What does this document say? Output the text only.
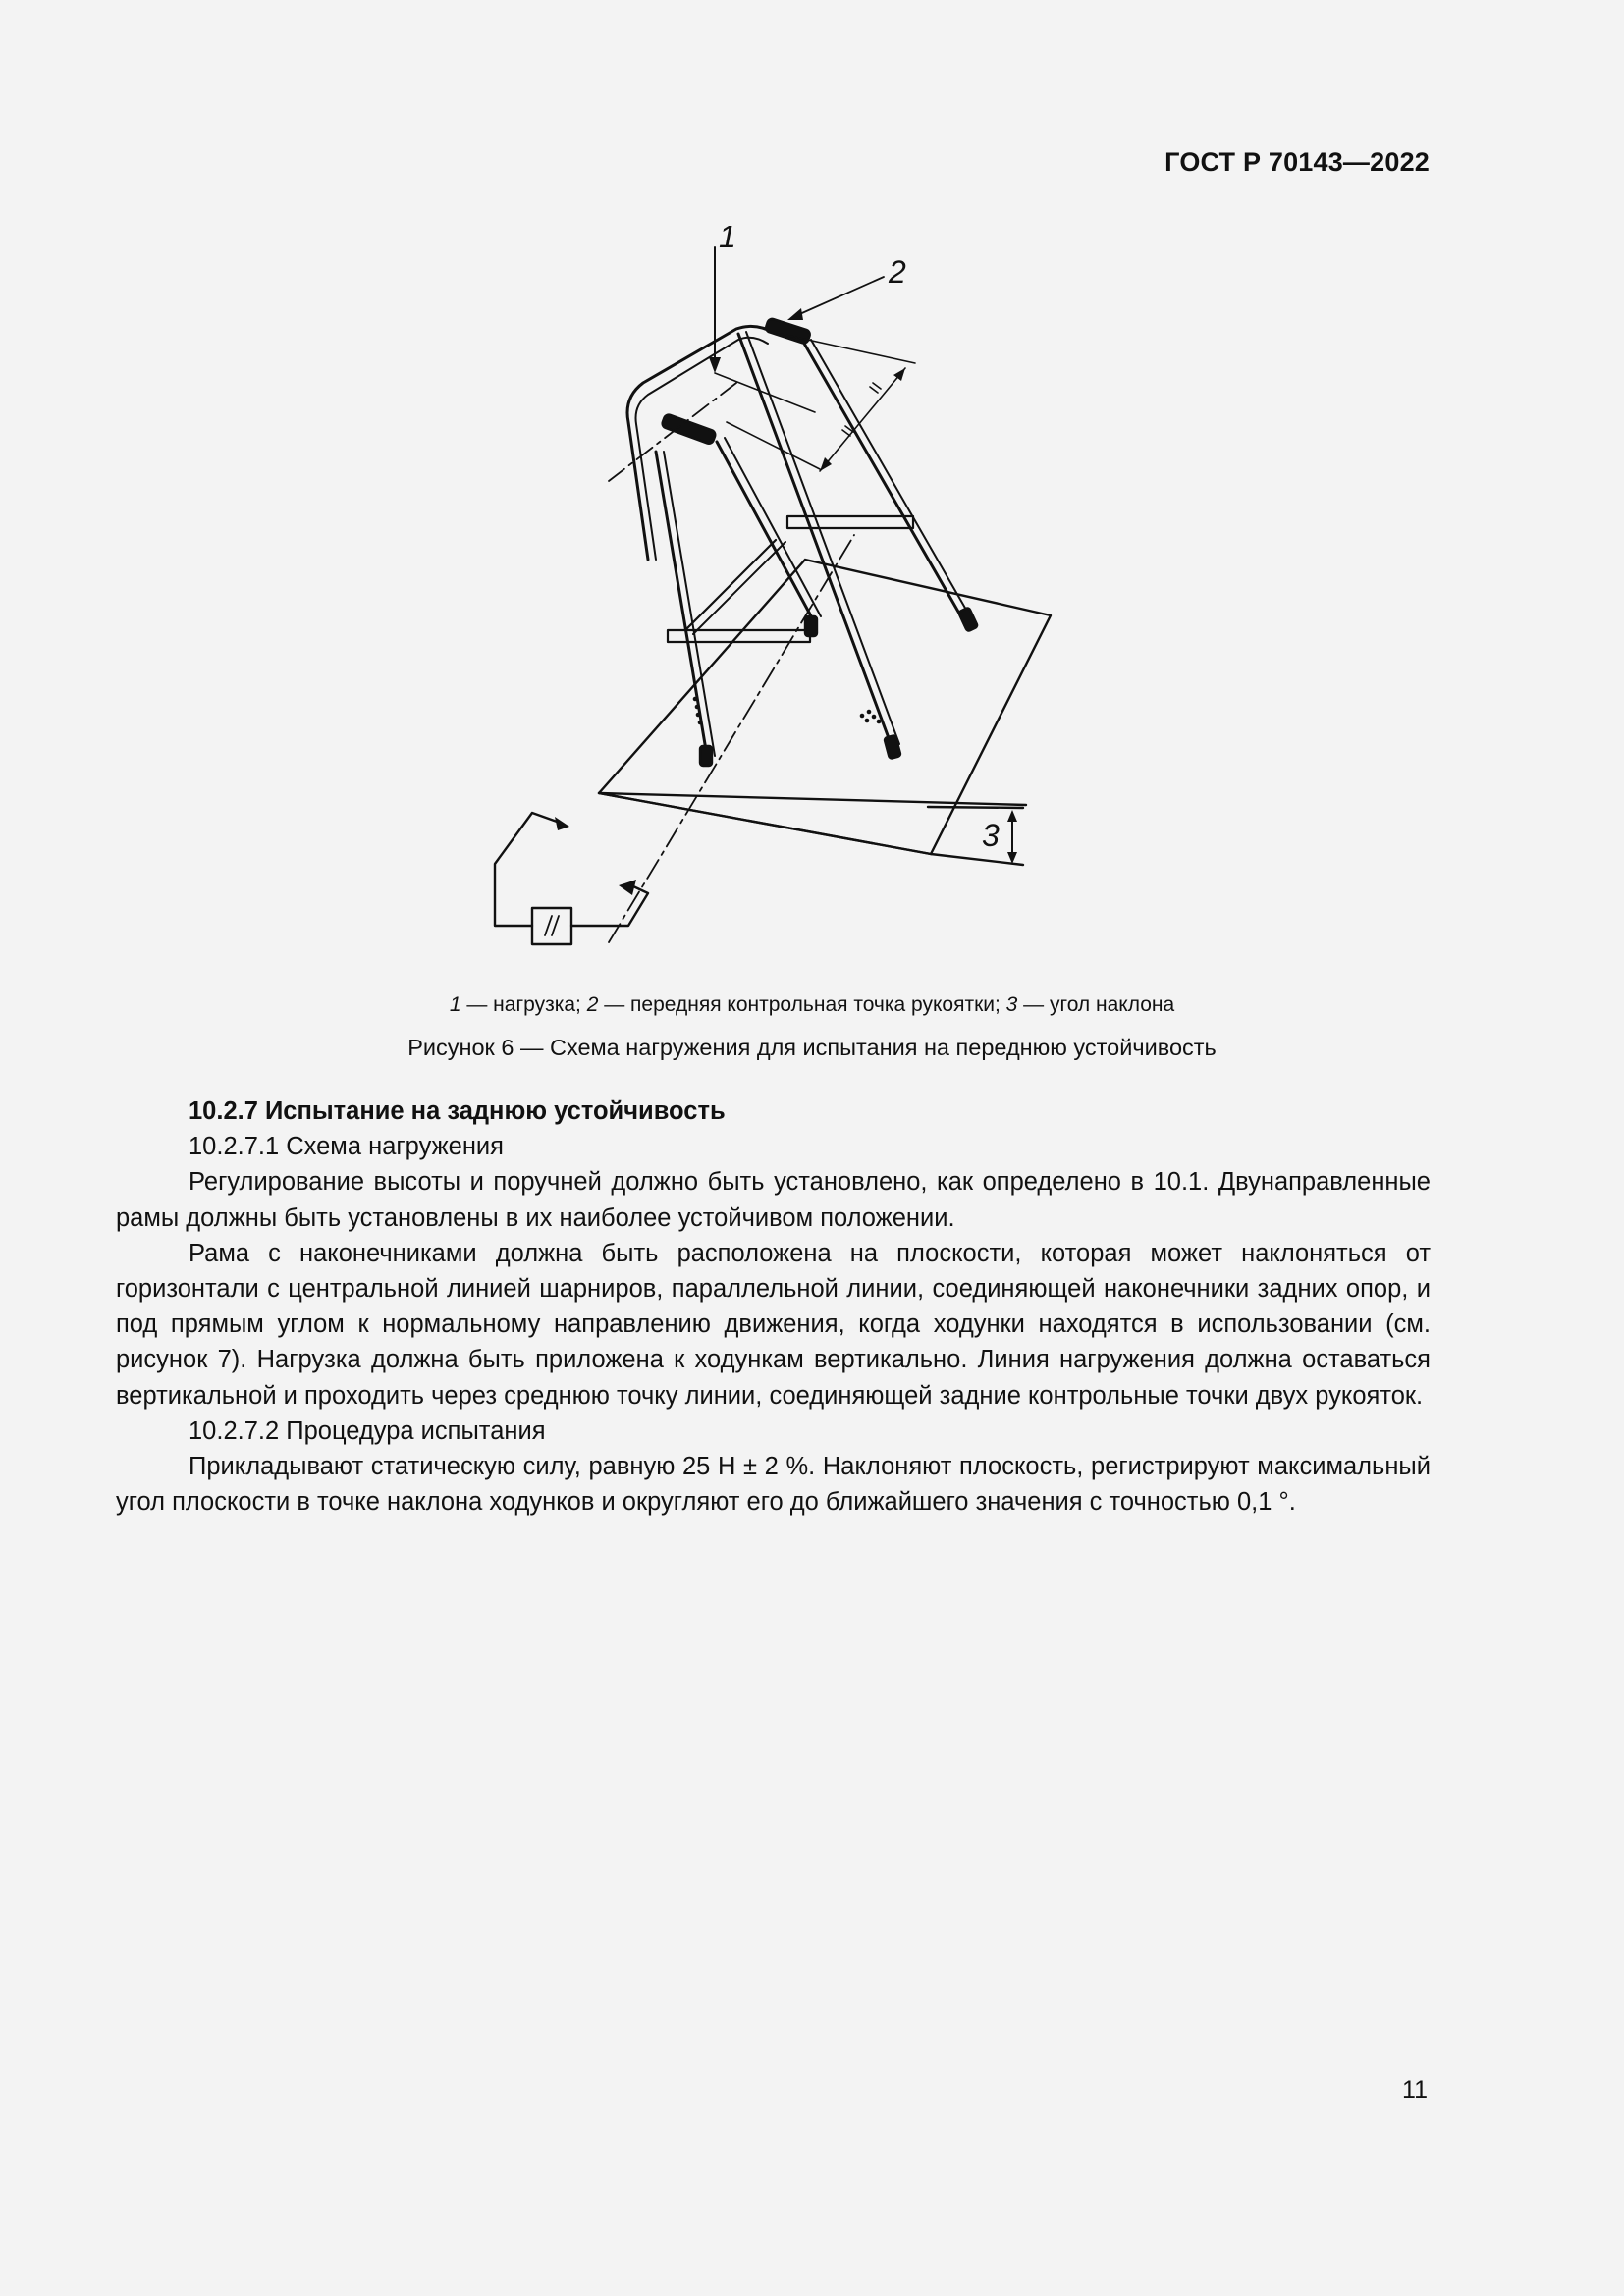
ГОСТ Р 70143—2022
1
2
3
1 — нагрузка; 2 — передняя контрольная точка рукоятки; 3 — угол наклона
Рисунок 6 — Схема нагружения для испытания на переднюю устойчивость

10.2.7 Испытание на заднюю устойчивость

10.2.7.1 Схема нагружения

Регулирование высоты и поручней должно быть установлено, как определено в 10.1. Двунаправленные рамы должны быть установлены в их наиболее устойчивом положении.

Рама с наконечниками должна быть расположена на плоскости, которая может наклоняться от горизонтали с центральной линией шарниров, параллельной линии, соединяющей наконечники задних опор, и под прямым углом к нормальному направлению движения, когда ходунки находятся в использовании (см. рисунок 7). Нагрузка должна быть приложена к ходункам вертикально. Линия нагружения должна оставаться вертикальной и проходить через среднюю точку линии, соединяющей задние контрольные точки двух рукояток.

10.2.7.2 Процедура испытания

Прикладывают статическую силу, равную 25 Н ± 2 %. Наклоняют плоскость, регистрируют максимальный угол плоскости в точке наклона ходунков и округляют его до ближайшего значения с точностью 0,1 °.

11
